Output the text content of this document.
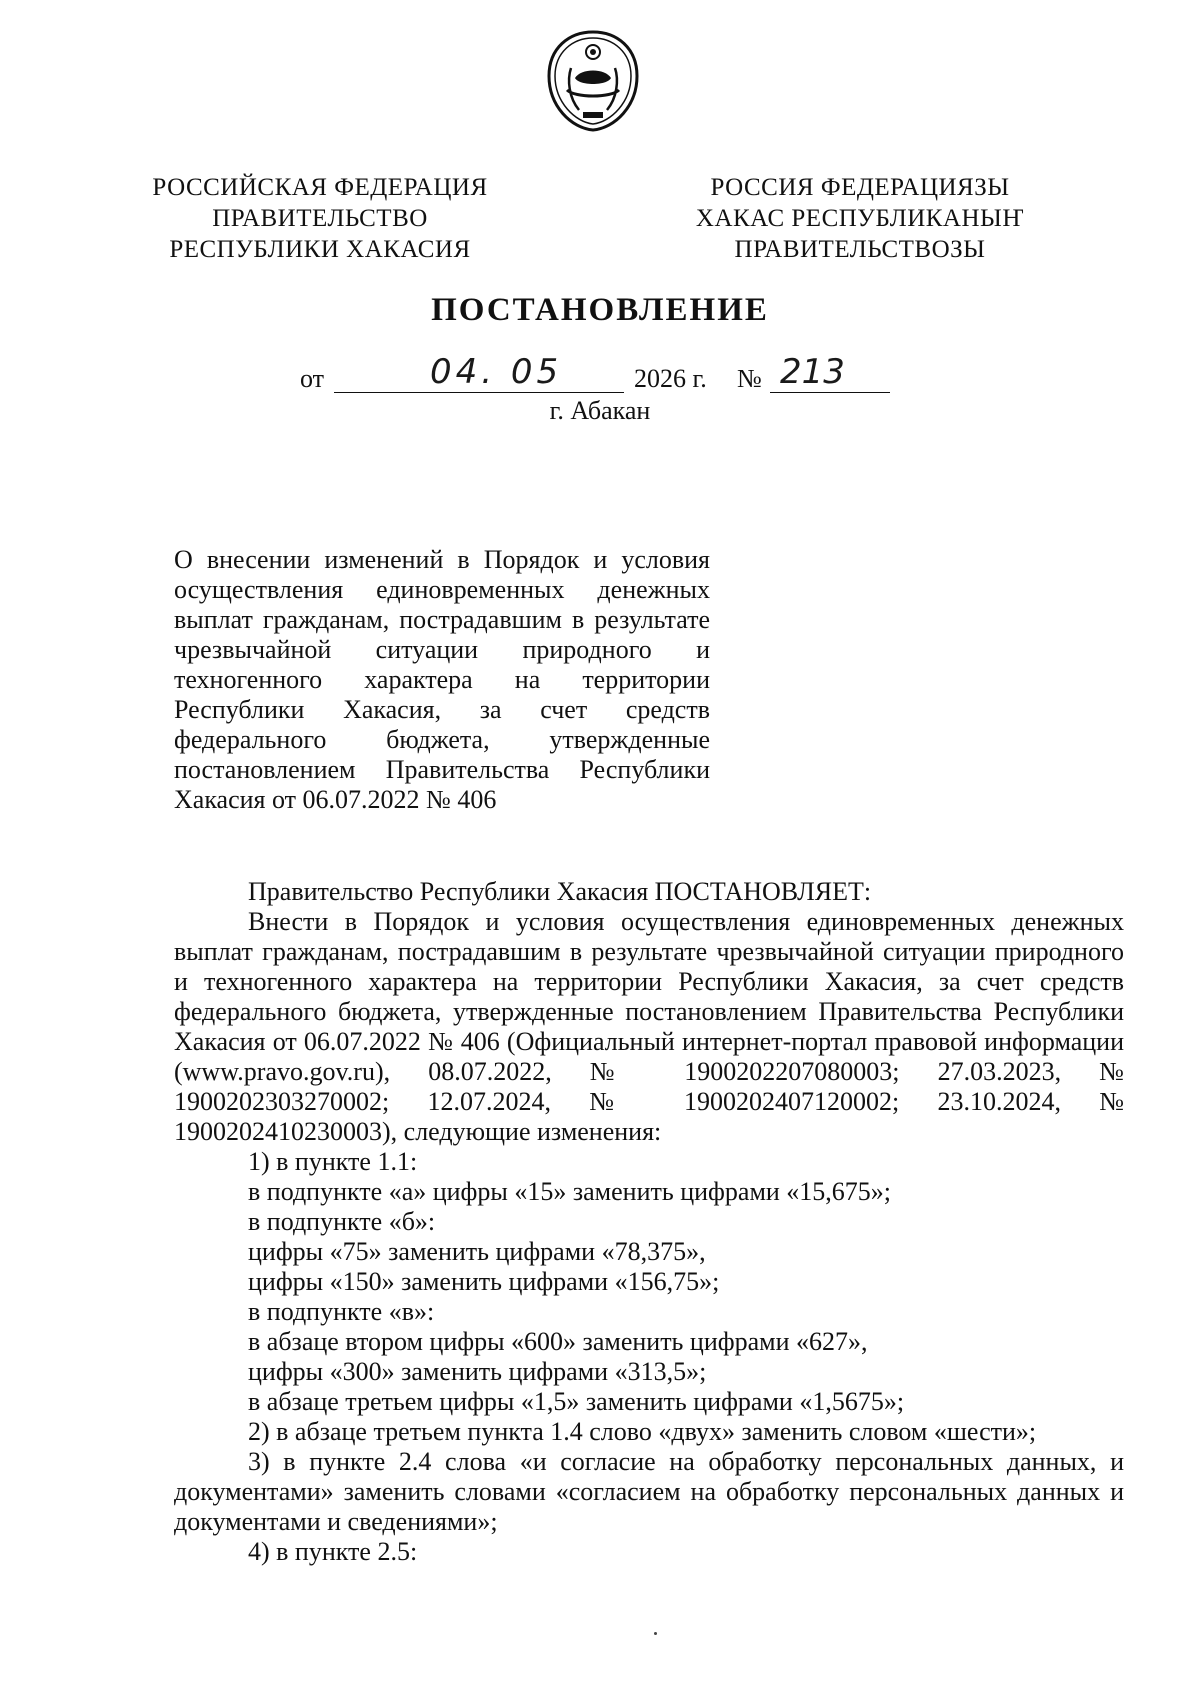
РОССИЙСКАЯ ФЕДЕРАЦИЯ
ПРАВИТЕЛЬСТВО
РЕСПУБЛИКИ ХАКАСИЯ
РОССИЯ ФЕДЕРАЦИЯЗЫ
ХАКАС РЕСПУБЛИКАНЫҤ
ПРАВИТЕЛЬСТВОЗЫ
ПОСТАНОВЛЕНИЕ
от	04. 05	2026 г. № 213
г. Абакан
О внесении изменений в Порядок и условия осуществления единовременных денежных выплат гражданам, пострадавшим в результате чрезвычайной ситуации природного и техногенного характера на территории Республики Хакасия, за счет средств федерального бюджета, утвержденные постановлением Правительства Республики
Хакасия от 06.07.2022 № 406

Правительство Республики Хакасия ПОСТАНОВЛЯЕТ:

Внести в Порядок и условия осуществления единовременных денежных выплат гражданам, пострадавшим в результате чрезвычайной ситуации природного и техногенного характера на территории Республики Хакасия, за счет средств федерального бюджета, утвержденные постановлением Правительства Республики Хакасия от 06.07.2022 № 406 (Официальный интернет-портал правовой информации (www.pravo.gov.ru), 08.07.2022, № 1900202207080003; 27.03.2023, № 1900202303270002; 12.07.2024, № 1900202407120002; 23.10.2024, № 1900202410230003), следующие изменения:

1) в пункте 1.1:

в подпункте «а» цифры «15» заменить цифрами «15,675»;

в подпункте «б»:

цифры «75» заменить цифрами «78,375»,

цифры «150» заменить цифрами «156,75»;

в подпункте «в»:

в абзаце втором цифры «600» заменить цифрами «627»,

цифры «300» заменить цифрами «313,5»;

в абзаце третьем цифры «1,5» заменить цифрами «1,5675»;

2) в абзаце третьем пункта 1.4 слово «двух» заменить словом «шести»;

3) в пункте 2.4 слова «и согласие на обработку персональных данных, и документами» заменить словами «согласием на обработку персональных данных и документами и сведениями»;

4) в пункте 2.5:
